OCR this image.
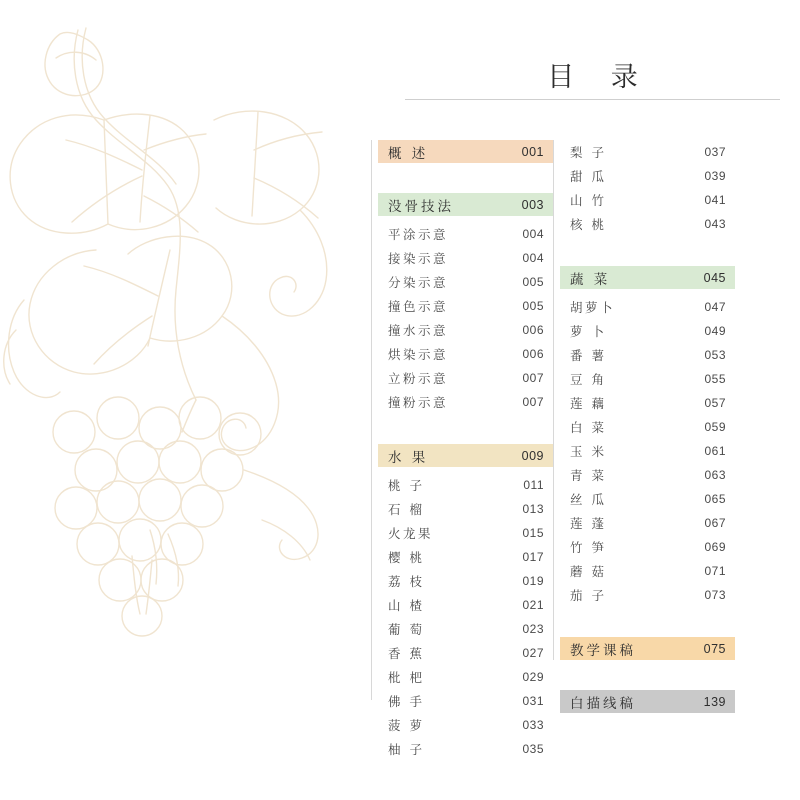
目 录
概 述	001
没骨技法	003
平涂示意	004
接染示意	004
分染示意	005
撞色示意	005
撞水示意	006
烘染示意	006
立粉示意	007
撞粉示意	007
水 果	009
桃 子	011
石 榴	013
火龙果	015
樱 桃	017
荔 枝	019
山 楂	021
葡 萄	023
香 蕉	027
枇 杷	029
佛 手	031
菠 萝	033
柚 子	035
梨 子	037
甜 瓜	039
山 竹	041
核 桃	043
蔬 菜	045
胡萝卜	047
萝 卜	049
番 薯	053
豆 角	055
莲 藕	057
白 菜	059
玉 米	061
青 菜	063
丝 瓜	065
莲 蓬	067
竹 笋	069
蘑 菇	071
茄 子	073
教学课稿	075
白描线稿	139
